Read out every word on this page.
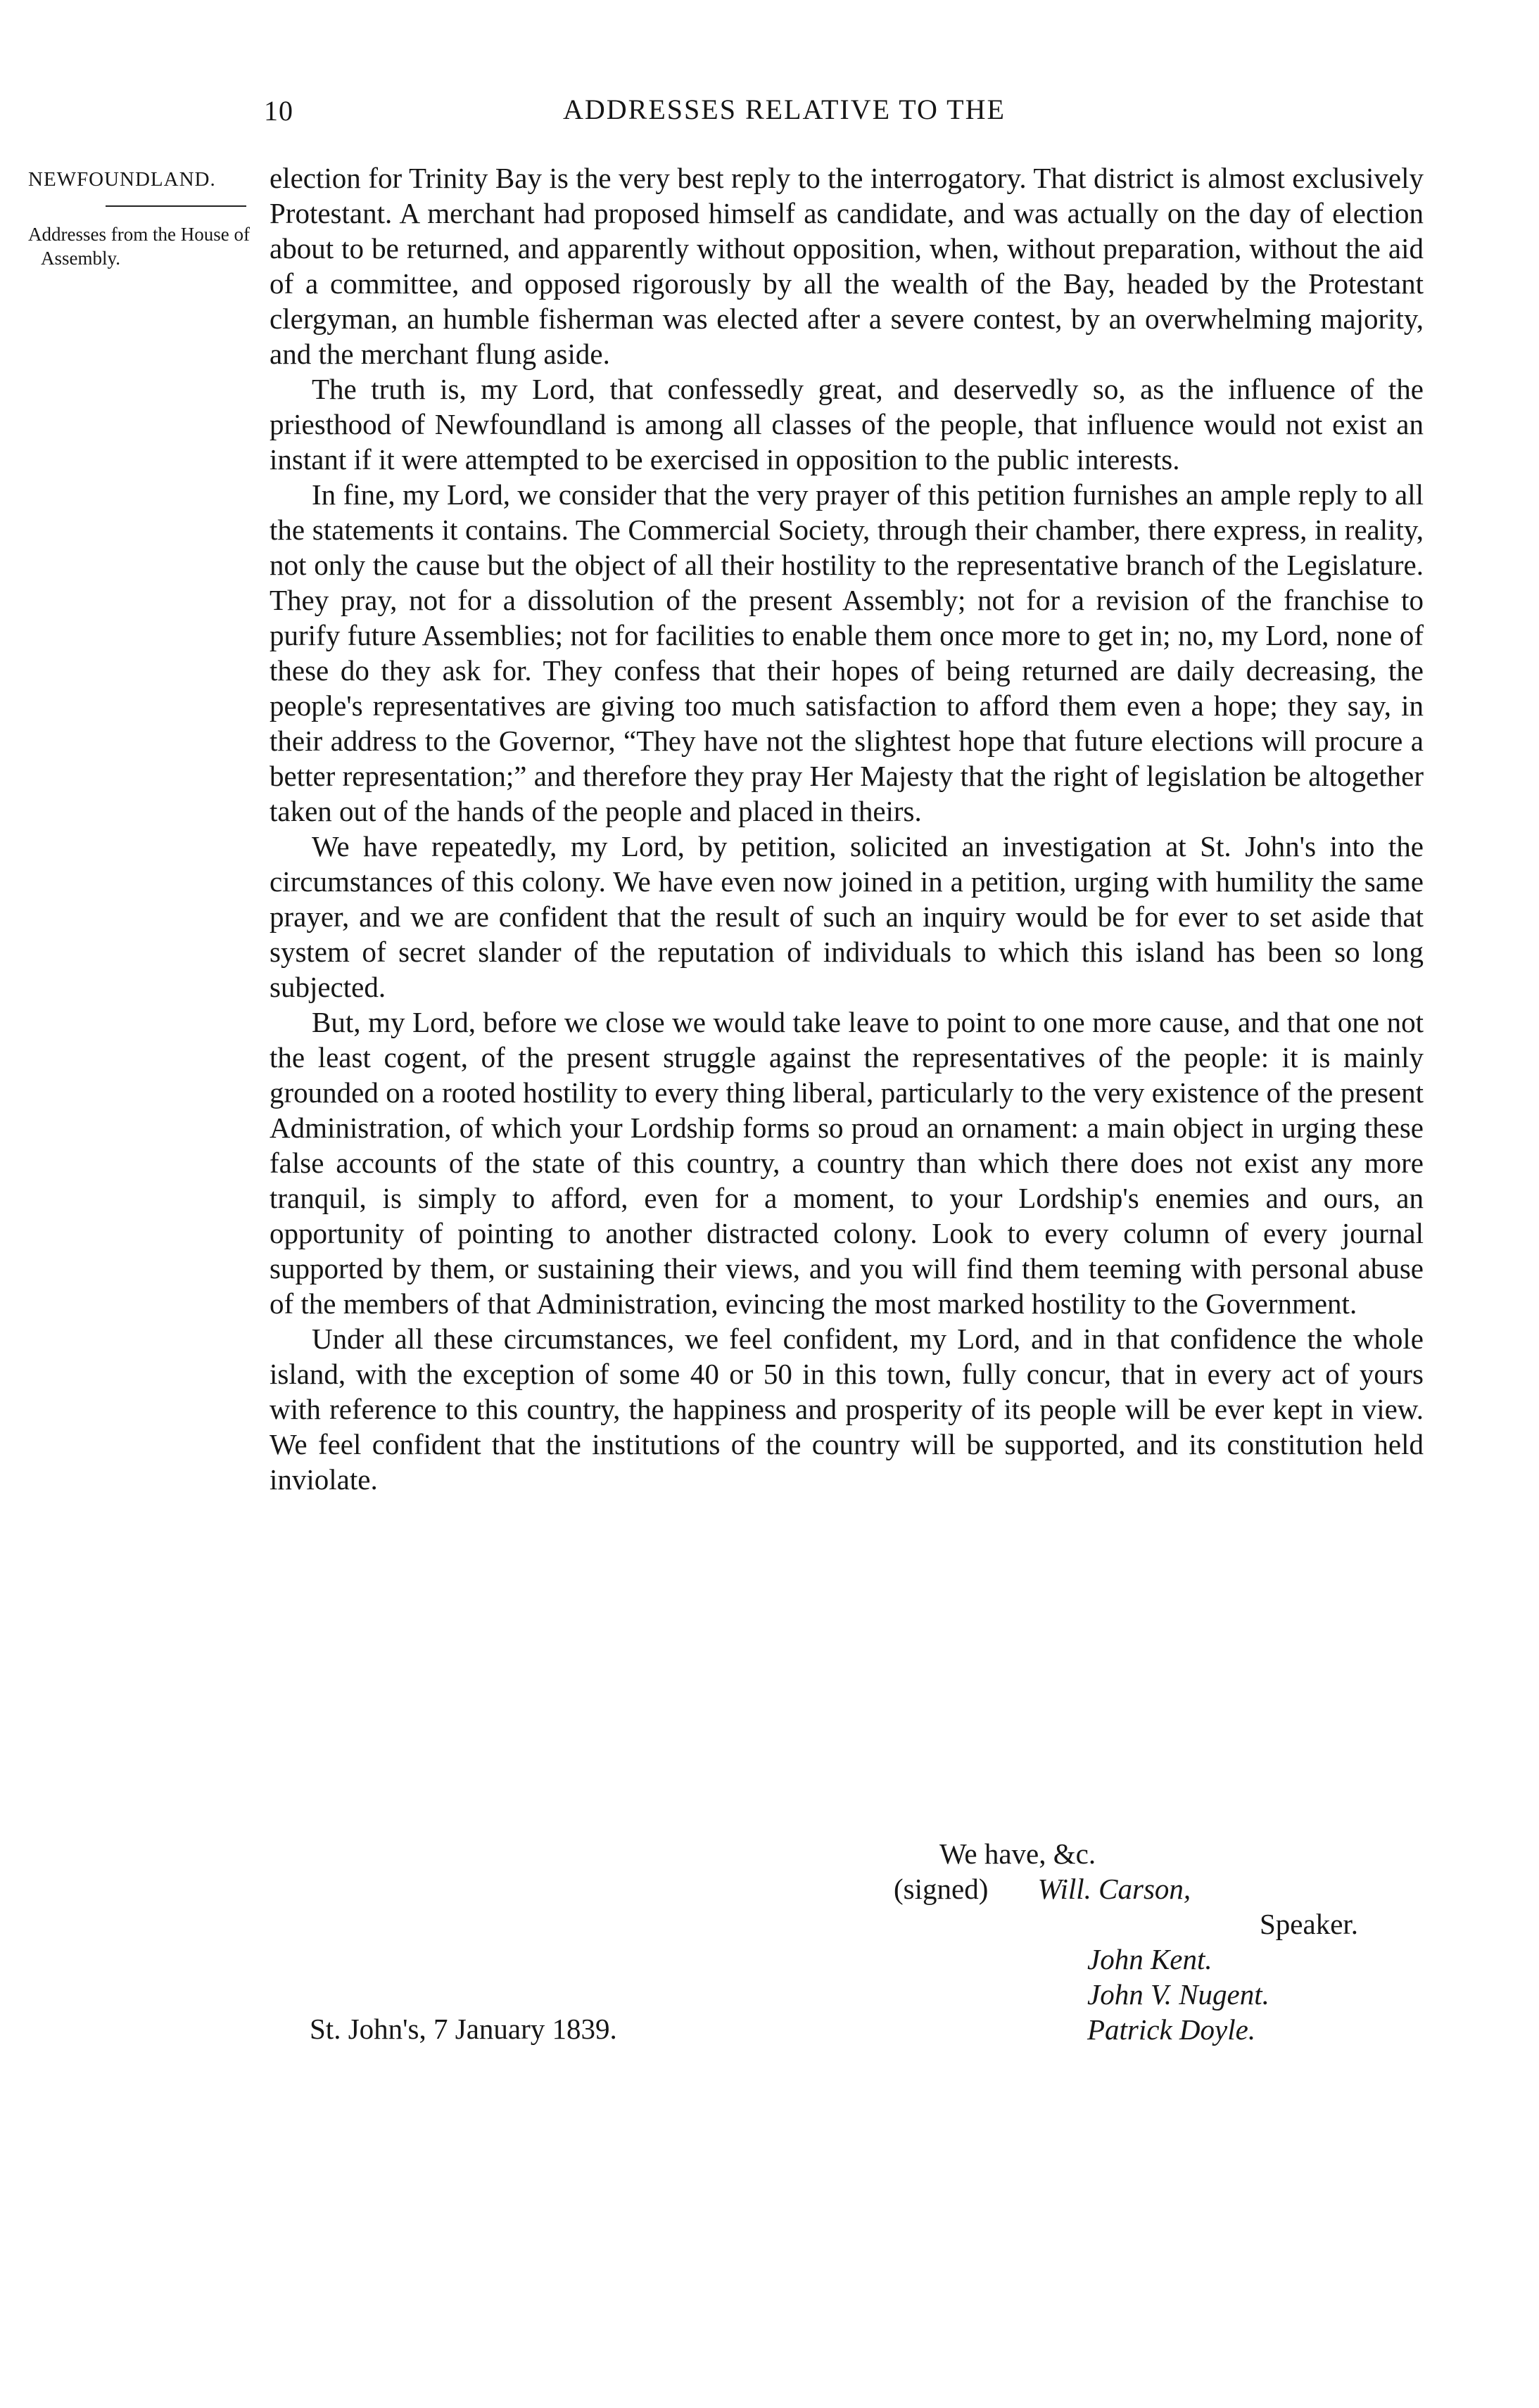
10	ADDRESSES RELATIVE TO THE
NEWFOUNDLAND.
Addresses from the House of Assembly.

election for Trinity Bay is the very best reply to the interrogatory. That district is almost exclusively Protestant. A merchant had proposed himself as candidate, and was actually on the day of election about to be returned, and apparently without opposition, when, without preparation, without the aid of a committee, and opposed rigorously by all the wealth of the Bay, headed by the Protestant clergyman, an humble fisherman was elected after a severe contest, by an overwhelming majority, and the merchant flung aside.

The truth is, my Lord, that confessedly great, and deservedly so, as the influence of the priesthood of Newfoundland is among all classes of the people, that influence would not exist an instant if it were attempted to be exercised in opposition to the public interests.

In fine, my Lord, we consider that the very prayer of this petition furnishes an ample reply to all the statements it contains. The Commercial Society, through their chamber, there express, in reality, not only the cause but the object of all their hostility to the representative branch of the Legislature. They pray, not for a dissolution of the present Assembly; not for a revision of the franchise to purify future Assemblies; not for facilities to enable them once more to get in; no, my Lord, none of these do they ask for. They confess that their hopes of being returned are daily decreasing, the people's representatives are giving too much satisfaction to afford them even a hope; they say, in their address to the Governor, “They have not the slightest hope that future elections will procure a better representation;” and therefore they pray Her Majesty that the right of legislation be altogether taken out of the hands of the people and placed in theirs.

We have repeatedly, my Lord, by petition, solicited an investigation at St. John's into the circumstances of this colony. We have even now joined in a petition, urging with humility the same prayer, and we are confident that the result of such an inquiry would be for ever to set aside that system of secret slander of the reputation of individuals to which this island has been so long subjected.

But, my Lord, before we close we would take leave to point to one more cause, and that one not the least cogent, of the present struggle against the representatives of the people: it is mainly grounded on a rooted hostility to every thing liberal, particularly to the very existence of the present Administration, of which your Lordship forms so proud an ornament: a main object in urging these false accounts of the state of this country, a country than which there does not exist any more tranquil, is simply to afford, even for a moment, to your Lordship's enemies and ours, an opportunity of pointing to another distracted colony. Look to every column of every journal supported by them, or sustaining their views, and you will find them teeming with personal abuse of the members of that Administration, evincing the most marked hostility to the Government.

Under all these circumstances, we feel confident, my Lord, and in that confidence the whole island, with the exception of some 40 or 50 in this town, fully concur, that in every act of yours with reference to this country, the happiness and prosperity of its people will be ever kept in view. We feel confident that the institutions of the country will be supported, and its constitution held inviolate.

We have, &c.
(signed) Will. Carson,
Speaker.
John Kent.
John V. Nugent.
Patrick Doyle.
St. John's, 7 January 1839.
